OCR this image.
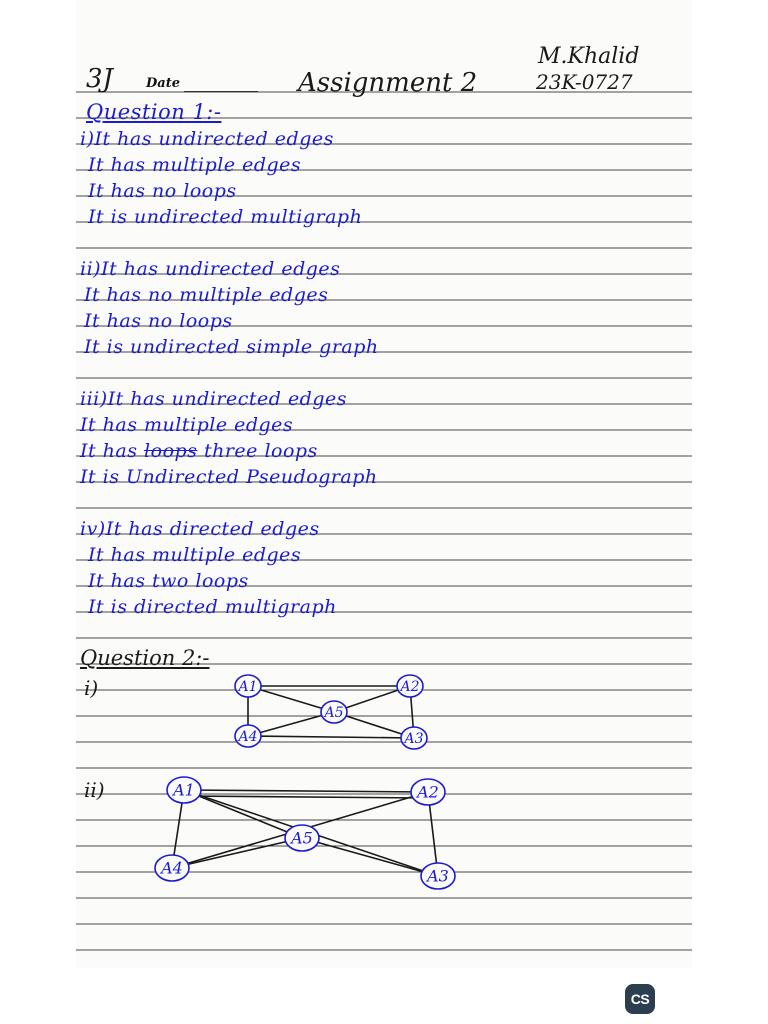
3J	Date	Assignment 2
M.Khalid
23K-0727
Question 1:-
i)It has undirected edges
It has multiple edges
It has no loops
It is undirected multigraph
ii)It has undirected edges
It has no multiple edges
It has no loops
It is undirected simple graph
iii)It has undirected edges
It has multiple edges
It has loops three loops
It is Undirected Pseudograph
iv)It has directed edges
It has multiple edges
It has two loops
It is directed multigraph
Question 2:-
i)
ii)
A1	A2
A3
A4
A5
A1	A2
A3
A4
A5
CS
